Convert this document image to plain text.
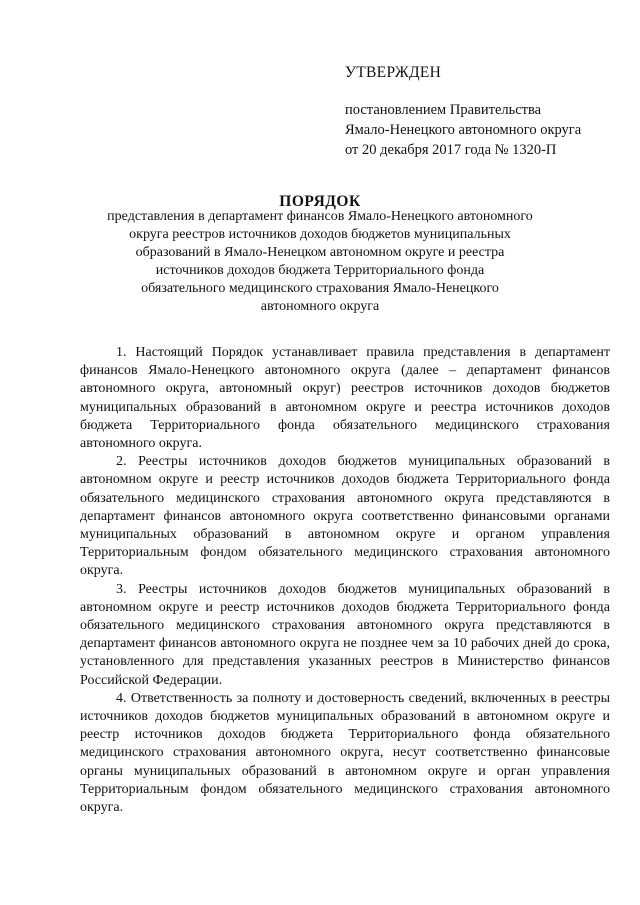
УТВЕРЖДЕН
постановлением Правительства
Ямало-Ненецкого автономного округа
от 20 декабря 2017 года № 1320-П
ПОРЯДОК
представления в департамент финансов Ямало-Ненецкого автономного
округа реестров источников доходов бюджетов муниципальных
образований в Ямало-Ненецком автономном округе и реестра
источников доходов бюджета Территориального фонда
обязательного медицинского страхования Ямало-Ненецкого
автономного округа

1. Настоящий Порядок устанавливает правила представления в департамент финансов Ямало-Ненецкого автономного округа (далее – департамент финансов автономного округа, автономный округ) реестров источников доходов бюджетов муниципальных образований в автономном округе и реестра источников доходов бюджета Территориального фонда обязательного медицинского страхования автономного округа.

2. Реестры источников доходов бюджетов муниципальных образований в автономном округе и реестр источников доходов бюджета Территориального фонда обязательного медицинского страхования автономного округа представляются в департамент финансов автономного округа соответственно финансовыми органами муниципальных образований в автономном округе и органом управления Территориальным фондом обязательного медицинского страхования автономного округа.

3. Реестры источников доходов бюджетов муниципальных образований в автономном округе и реестр источников доходов бюджета Территориального фонда обязательного медицинского страхования автономного округа представляются в департамент финансов автономного округа не позднее чем за 10 рабочих дней до срока, установленного для представления указанных реестров в Министерство финансов Российской Федерации.

4. Ответственность за полноту и достоверность сведений, включенных в реестры источников доходов бюджетов муниципальных образований в автономном округе и реестр источников доходов бюджета Территориального фонда обязательного медицинского страхования автономного округа, несут соответственно финансовые органы муниципальных образований в автономном округе и орган управления Территориальным фондом обязательного медицинского страхования автономного округа.
